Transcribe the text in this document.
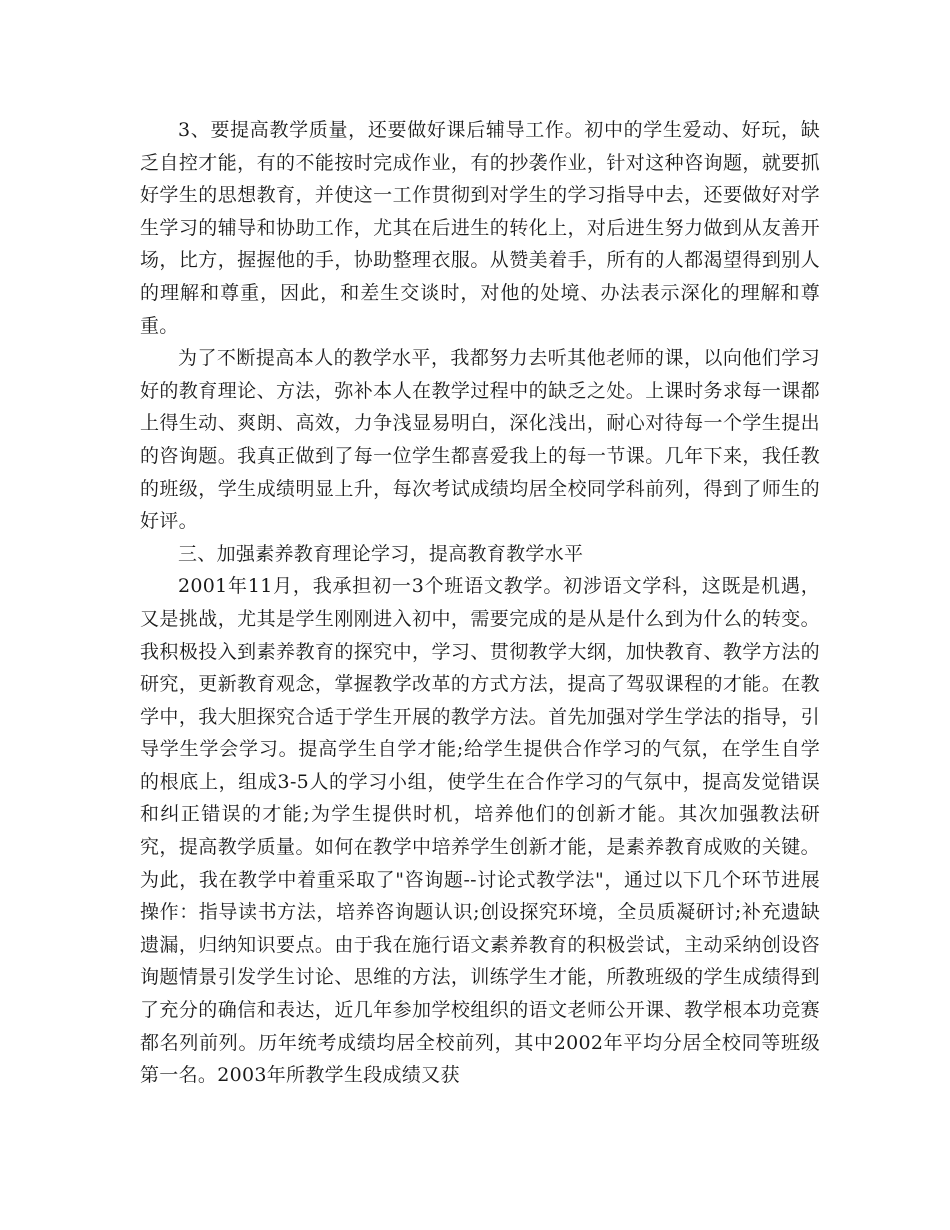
3、要提高教学质量，还要做好课后辅导工作。初中的学生爱动、好玩，缺乏自控才能，有的不能按时完成作业，有的抄袭作业，针对这种咨询题，就要抓好学生的思想教育，并使这一工作贯彻到对学生的学习指导中去，还要做好对学生学习的辅导和协助工作，尤其在后进生的转化上，对后进生努力做到从友善开场，比方，握握他的手，协助整理衣服。从赞美着手，所有的人都渴望得到别人的理解和尊重，因此，和差生交谈时，对他的处境、办法表示深化的理解和尊重。

为了不断提高本人的教学水平，我都努力去听其他老师的课，以向他们学习好的教育理论、方法，弥补本人在教学过程中的缺乏之处。上课时务求每一课都上得生动、爽朗、高效，力争浅显易明白，深化浅出，耐心对待每一个学生提出的咨询题。我真正做到了每一位学生都喜爱我上的每一节课。几年下来，我任教的班级，学生成绩明显上升，每次考试成绩均居全校同学科前列，得到了师生的好评。

三、加强素养教育理论学习，提高教育教学水平

2001年11月，我承担初一3个班语文教学。初涉语文学科，这既是机遇，又是挑战，尤其是学生刚刚进入初中，需要完成的是从是什么到为什么的转变。我积极投入到素养教育的探究中，学习、贯彻教学大纲，加快教育、教学方法的研究，更新教育观念，掌握教学改革的方式方法，提高了驾驭课程的才能。在教学中，我大胆探究合适于学生开展的教学方法。首先加强对学生学法的指导，引导学生学会学习。提高学生自学才能;给学生提供合作学习的气氛，在学生自学的根底上，组成3-5人的学习小组，使学生在合作学习的气氛中，提高发觉错误和纠正错误的才能;为学生提供时机，培养他们的创新才能。其次加强教法研究，提高教学质量。如何在教学中培养学生创新才能，是素养教育成败的关键。为此，我在教学中着重采取了"咨询题--讨论式教学法"，通过以下几个环节进展操作：指导读书方法，培养咨询题认识;创设探究环境，全员质凝研讨;补充遗缺遗漏，归纳知识要点。由于我在施行语文素养教育的积极尝试，主动采纳创设咨询题情景引发学生讨论、思维的方法，训练学生才能，所教班级的学生成绩得到了充分的确信和表达，近几年参加学校组织的语文老师公开课、教学根本功竞赛都名列前列。历年统考成绩均居全校前列，其中2002年平均分居全校同等班级第一名。2003年所教学生段成绩又获
